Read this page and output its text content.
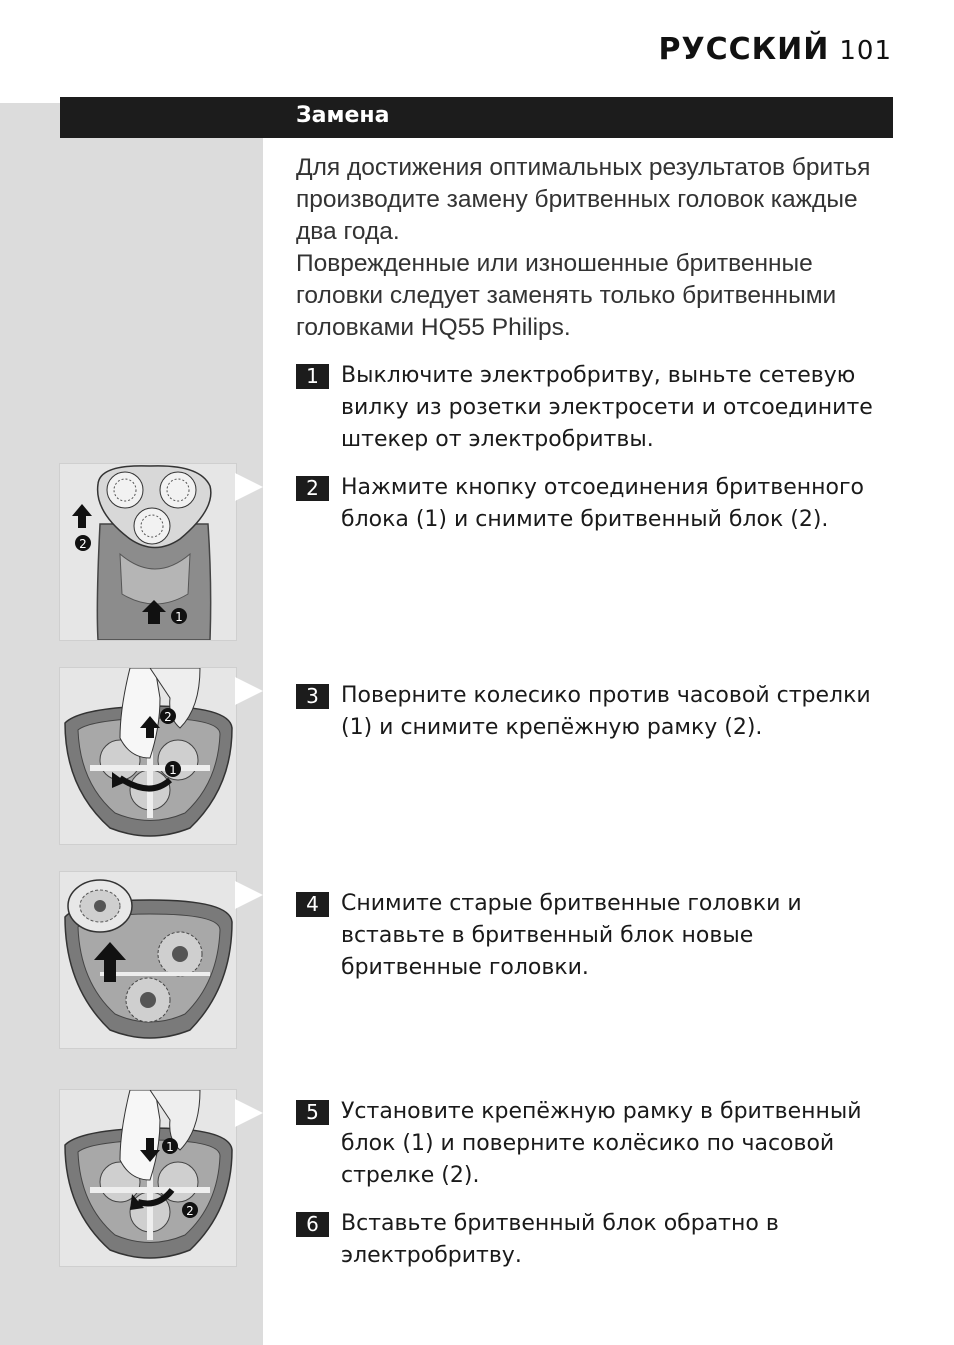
РУССКИЙ 101
Замена

Для достижения оптимальных результатов бритья производите замену бритвенных головок каждые два года.

Поврежденные или изношенные бритвенные головки следует заменять только бритвенными головками HQ55 Philips.

1	Выключите электробритву, выньте сетевую вилку из розетки электросети и отсоедините штекер от электробритвы.
2	Нажмите кнопку отсоединения бритвенного блока (1) и снимите бритвенный блок (2).
3	Поверните колесико против часовой стрелки (1) и снимите крепёжную рамку (2).
4	Снимите старые бритвенные головки и вставьте в бритвенный блок новые бритвенные головки.
5	Установите крепёжную рамку в бритвенный блок (1) и поверните колёсико по часовой стрелке (2).
6	Вставьте бритвенный блок обратно в электробритву.
2
1
2
1
1
2
